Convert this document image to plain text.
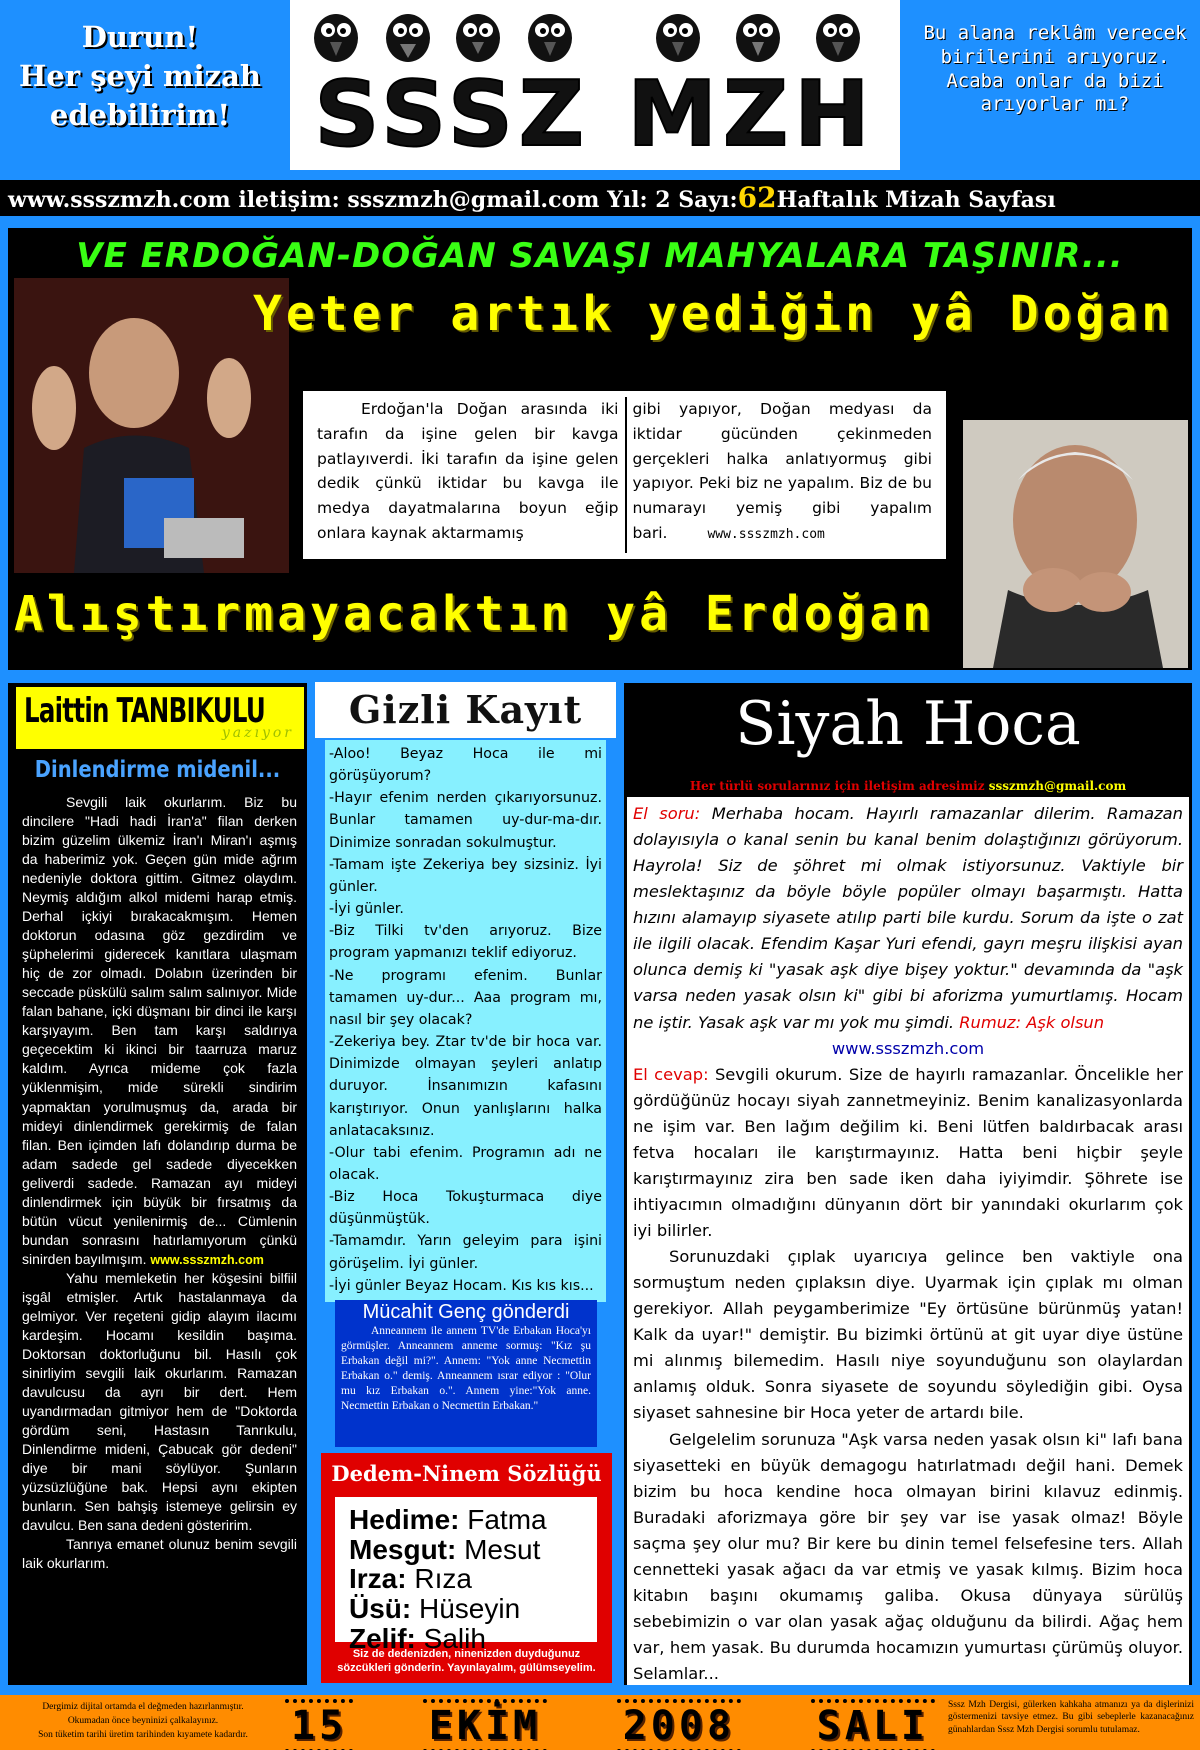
Durun!
Her şeyi mizah
edebilirim! SSSZ MZH
Bu alana reklâm verecek birilerini arıyoruz. Acaba onlar da bizi arıyorlar mı?
www.ssszmzh.com iletişim: ssszmzh@gmail.com Yıl: 2 Sayı:62Haftalık Mizah Sayfası
VE ERDOĞAN-DOĞAN SAVAŞI MAHYALARA TAŞINIR...
Yeter artık yediğin yâ Doğan
Erdoğan'la Doğan arasında iki tarafın da işine gelen bir kavga patlayıverdi. İki tarafın da işine gelen dedik çünkü iktidar bu kavga ile medya dayatmalarına boyun eğip onlara kaynak aktarmamış
gibi yapıyor, Doğan medyası da iktidar gücünden çekinmeden gerçekleri halka anlatıyormuş gibi yapıyor. Peki biz ne yapalım. Biz de bu numarayı yemiş gibi yapalım bari.	www.ssszmzh.com
Alıştırmayacaktın yâ Erdoğan
Laittin TANBIKULU
yazıyor
Dinlendirme midenil...

Sevgili laik okurlarım. Biz bu dincilere "Hadi hadi İran'a" filan derken bizim güzelim ülkemiz İran'ı Miran'ı aşmış da haberimiz yok. Geçen gün mide ağrım nedeniyle doktora gittim. Gitmez olaydım. Neymiş aldığım alkol midemi harap etmiş. Derhal içkiyi bırakacakmışım. Hemen doktorun odasına göz gezdirdim ve şüphelerimi giderecek kanıtlara ulaşmam hiç de zor olmadı. Dolabın üzerinden bir seccade püskülü salım salım salınıyor. Mide falan bahane, içki düşmanı bir dinci ile karşı karşıyayım. Ben tam karşı saldırıya geçecektim ki ikinci bir taarruza maruz kaldım. Ayrıca mideme çok fazla yüklenmişim, mide sürekli sindirim yapmaktan yorulmuşmuş da, arada bir mideyi dinlendirmek gerekirmiş de falan filan. Ben içimden lafı dolandırıp durma be adam sadede gel sadede diyecekken geliverdi sadede. Ramazan ayı mideyi dinlendirmek için büyük bir fırsatmış da bütün vücut yenilenirmiş de... Cümlenin bundan sonrasını hatırlamıyorum çünkü sinirden bayılmışım. www.ssszmzh.com

Yahu memleketin her köşesini bilfiil işgâl etmişler. Artık hastalanmaya da gelmiyor. Ver reçeteni gidip alayım ilacımı kardeşim. Hocamı kesildin başıma. Doktorsan doktorluğunu bil. Hasılı çok sinirliyim sevgili laik okurlarım. Ramazan davulcusu da ayrı bir dert. Hem uyandırmadan gitmiyor hem de "Doktorda gördüm seni, Hastasın Tanrıkulu, Dinlendirme mideni, Çabucak gör dedeni" diye bir mani söylüyor. Şunların yüzsüzlüğüne bak. Hepsi aynı ekipten bunların. Sen bahşiş istemeye gelirsin ey davulcu. Ben sana dedeni gösteririm.

Tanrıya emanet olunuz benim sevgili laik okurlarım.

Gizli Kayıt
-Aloo! Beyaz Hoca ile mi görüşüyorum?
-Hayır efenim nerden çıkarıyorsunuz. Bunlar tamamen uy-dur-ma-dır. Dinimize sonradan sokulmuştur.
-Tamam işte Zekeriya bey sizsiniz. İyi günler.
-İyi günler.
-Biz Tilki tv'den arıyoruz. Bize program yapmanızı teklif ediyoruz.
-Ne programı efenim. Bunlar tamamen uy-dur... Aaa program mı, nasıl bir şey olacak?
-Zekeriya bey. Ztar tv'de bir hoca var. Dinimizde olmayan şeyleri anlatıp duruyor. İnsanımızın kafasını karıştırıyor. Onun yanlışlarını halka anlatacaksınız.
-Olur tabi efenim. Programın adı ne olacak.
-Biz Hoca Tokuşturmaca diye düşünmüştük.
-Tamamdır. Yarın geleyim para işini görüşelim. İyi günler.
-İyi günler Beyaz Hocam. Kıs kıs kıs...
Mücahit Genç gönderdi
Anneannem ile annem TV'de Erbakan Hoca'yı görmüşler. Anneannem anneme sormuş: "Kız şu Erbakan değil mi?". Annem: "Yok anne Necmettin Erbakan o." demiş. Anneannem ısrar ediyor : "Olur mu kız Erbakan o.". Annem yine:"Yok anne. Necmettin Erbakan o Necmettin Erbakan."
Dedem-Ninem Sözlüğü
Hedime: Fatma
Mesgut: Mesut
Irza: Rıza
Üsü: Hüseyin
Zelif: Salih
Siz de dedenizden, ninenizden duyduğunuz sözcükleri gönderin. Yayınlayalım, gülümseyelim.
Siyah Hoca
Her türlü sorularınız için iletişim adresimiz ssszmzh@gmail.com
El soru: Merhaba hocam. Hayırlı ramazanlar dilerim. Ramazan dolayısıyla o kanal senin bu kanal benim dolaştığınızı görüyorum. Hayrola! Siz de şöhret mi olmak istiyorsunuz. Vaktiyle bir meslektaşınız da böyle böyle popüler olmayı başarmıştı. Hatta hızını alamayıp siyasete atılıp parti bile kurdu. Sorum da işte o zat ile ilgili olacak. Efendim Kaşar Yuri efendi, gayrı meşru ilişkisi ayan olunca demiş ki "yasak aşk diye bişey yoktur." devamında da "aşk varsa neden yasak olsın ki" gibi bi aforizma yumurtlamış. Hocam ne iştir. Yasak aşk var mı yok mu şimdi. Rumuz: Aşk olsun
www.ssszmzh.com

El cevap: Sevgili okurum. Size de hayırlı ramazanlar. Öncelikle her gördüğünüz hocayı siyah zannetmeyiniz. Benim kanalizasyonlarda ne işim var. Ben lağım değilim ki. Beni lütfen baldırbacak arası fetva hocaları ile karıştırmayınız. Hatta beni hiçbir şeyle karıştırmayınız zira ben sade iken daha iyiyimdir. Şöhrete ise ihtiyacımın olmadığını dünyanın dört bir yanındaki okurlarım çok iyi bilirler.

Sorunuzdaki çıplak uyarıcıya gelince ben vaktiyle ona sormuştum neden çıplaksın diye. Uyarmak için çıplak mı olman gerekiyor. Allah peygamberimize "Ey örtüsüne bürünmüş yatan! Kalk da uyar!" demiştir. Bu bizimki örtünü at git uyar diye üstüne mi alınmış bilemedim. Hasılı niye soyunduğunu son olaylardan anlamış olduk. Sonra siyasete de soyundu söylediğin gibi. Oysa siyaset sahnesine bir Hoca yeter de artardı bile.

Gelgelelim sorunuza "Aşk varsa neden yasak olsın ki" lafı bana siyasetteki en büyük demagogu hatırlatmadı değil hani. Demek bizim bu hoca kendine hoca olmayan birini kılavuz edinmiş. Buradaki aforizmaya göre bir şey var ise yasak olmaz! Böyle saçma şey olur mu? Bir kere bu dinin temel felsefesine ters. Allah cennetteki yasak ağacı da var etmiş ve yasak kılmış. Bizim hoca kitabın başını okumamış galiba. Okusa dünyaya sürülüş sebebimizin o var olan yasak ağaç olduğunu da bilirdi. Ağaç hem var, hem yasak. Bu durumda hocamızın yumurtası çürümüş oluyor. Selamlar...

Dergimiz dijital ortamda el değmeden hazırlanmıştır.
Okumadan önce beyninizi çalkalayınız.
Son tüketim tarihi üretim tarihinden kıyamete kadardır.	15 EKİM 2008 SALI	Sssz Mzh Dergisi, gülerken kahkaha atmanızı ya da dişlerinizi göstermenizi tavsiye etmez. Bu gibi sebeplerle kazanacağınız günahlardan Sssz Mzh Dergisi sorumlu tutulamaz.
